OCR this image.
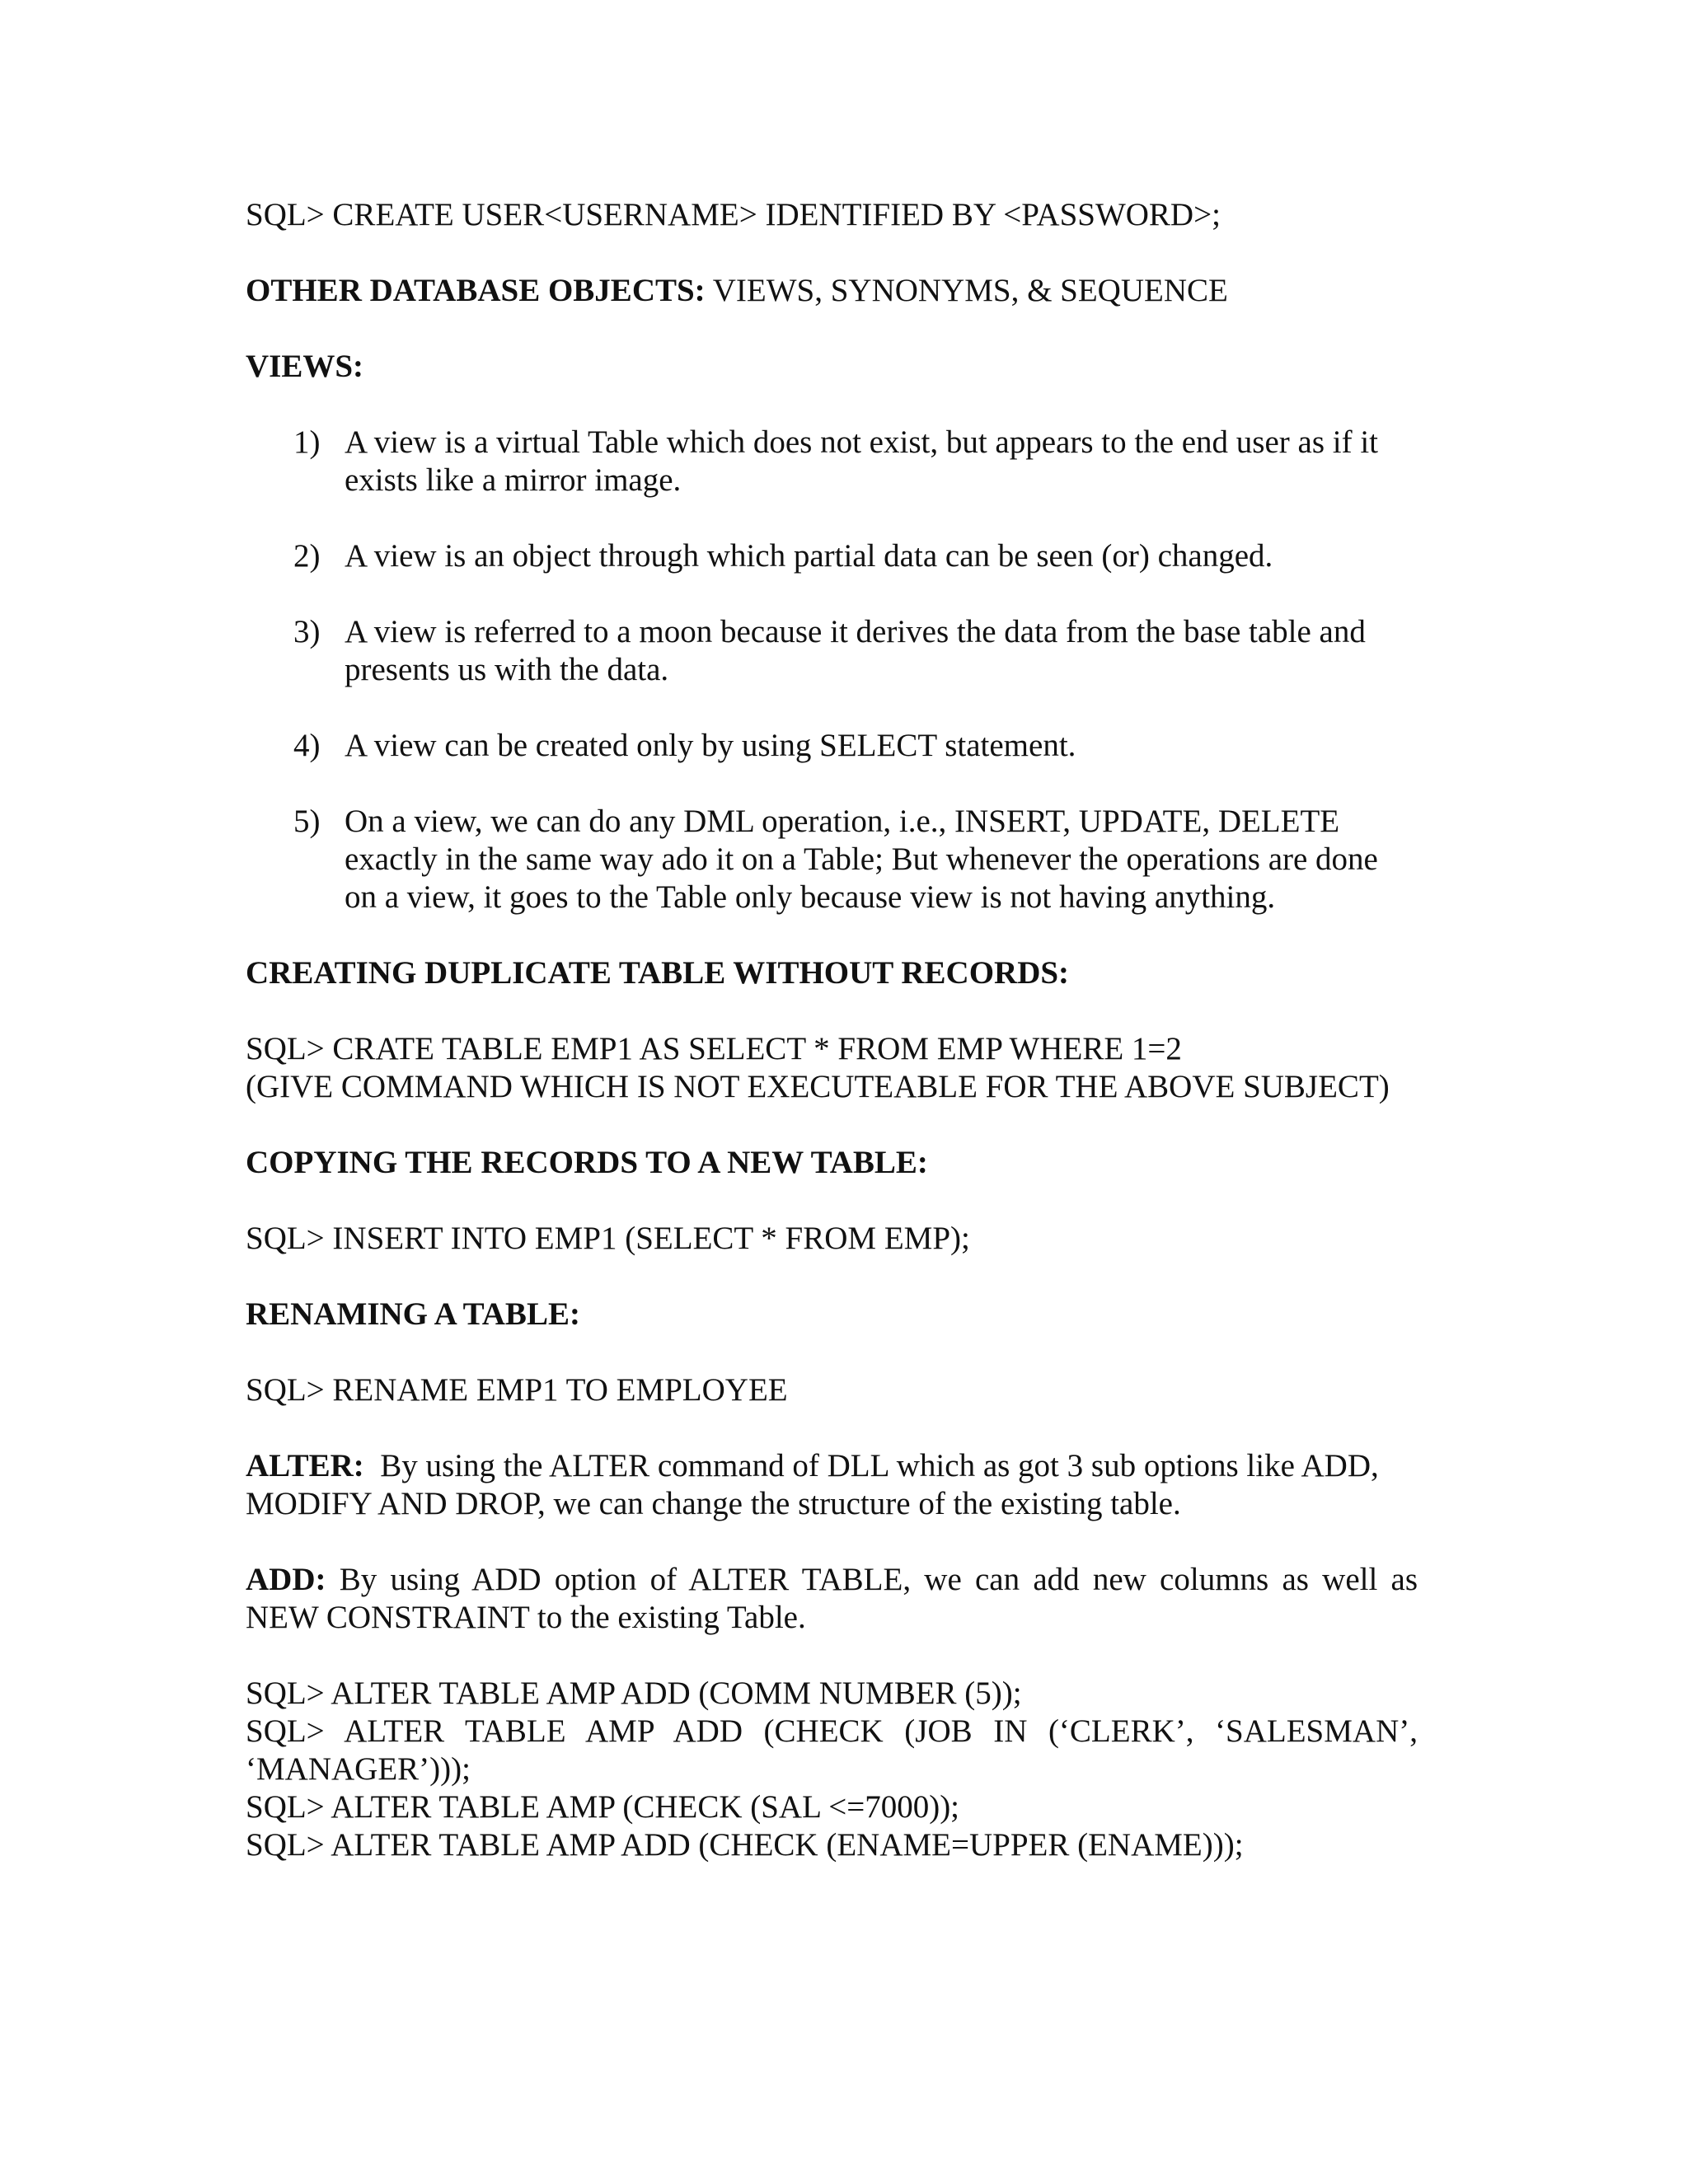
SQL> CREATE USER<USERNAME> IDENTIFIED BY <PASSWORD>;

OTHER DATABASE OBJECTS: VIEWS, SYNONYMS, & SEQUENCE

VIEWS:

1) A view is a virtual Table which does not exist, but appears to the end user as if it exists like a mirror image.
2) A view is an object through which partial data can be seen (or) changed.
3) A view is referred to a moon because it derives the data from the base table and presents us with the data.
4) A view can be created only by using SELECT statement.
5) On a view, we can do any DML operation, i.e., INSERT, UPDATE, DELETE exactly in the same way ado it on a Table; But whenever the operations are done on a view, it goes to the Table only because view is not having anything.

CREATING DUPLICATE TABLE WITHOUT RECORDS:

SQL> CRATE TABLE EMP1 AS SELECT * FROM EMP WHERE 1=2

(GIVE COMMAND WHICH IS NOT EXECUTEABLE FOR THE ABOVE SUBJECT)

COPYING THE RECORDS TO A NEW TABLE:

SQL> INSERT INTO EMP1 (SELECT * FROM EMP);

RENAMING A TABLE:

SQL> RENAME EMP1 TO EMPLOYEE

ALTER: By using the ALTER command of DLL which as got 3 sub options like ADD, MODIFY AND DROP, we can change the structure of the existing table.

ADD: By using ADD option of ALTER TABLE, we can add new columns as well as NEW CONSTRAINT to the existing Table.

SQL> ALTER TABLE AMP ADD (COMM NUMBER (5));

SQL> ALTER TABLE AMP ADD (CHECK (JOB IN (‘CLERK’, ‘SALESMAN’, ‘MANAGER’)));

SQL> ALTER TABLE AMP (CHECK (SAL <=7000));

SQL> ALTER TABLE AMP ADD (CHECK (ENAME=UPPER (ENAME)));
